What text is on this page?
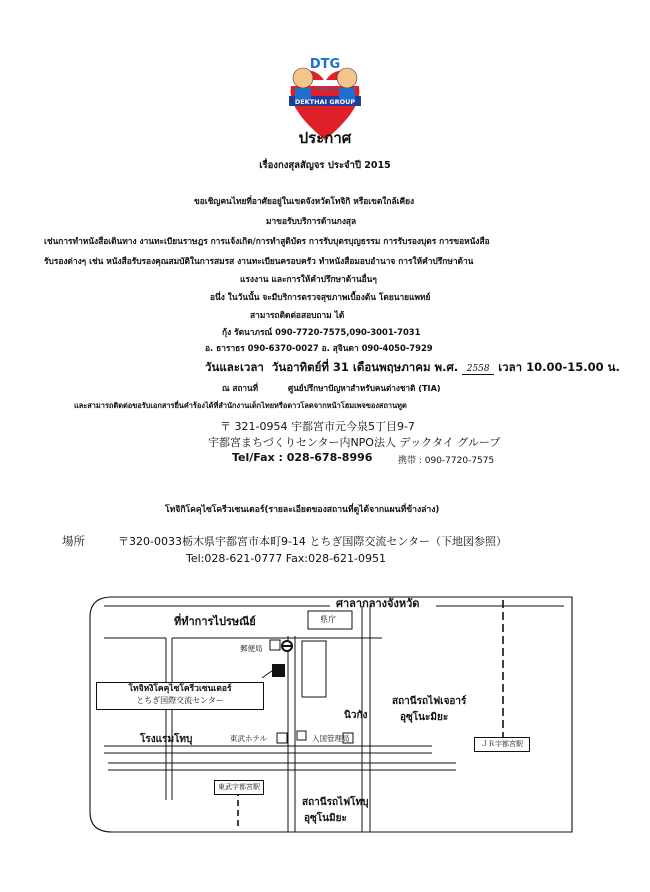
DTG
TOCHIGI
DEKTHAI GROUP
ประกาศ
เรื่องกงสุลสัญจร ประจำปี 2015
ขอเชิญคนไทยที่อาศัยอยู่ในเขตจังหวัดโทจิกิ หรือเขตใกล้เคียง
มาขอรับบริการด้านกงสุล
เช่นการทำหนังสือเดินทาง งานทะเบียนราษฎร การแจ้งเกิด/การทำสูติบัตร การรับบุตรบุญธรรม การรับรองบุตร การขอหนังสือ
รับรองต่างๆ เช่น หนังสือรับรองคุณสมบัติในการสมรส งานทะเบียนครอบครัว ทำหนังสือมอบอำนาจ การให้คำปรึกษาด้าน
แรงงาน และการให้คำปรึกษาด้านอื่นๆ
อนึ่ง ในวันนั้น จะมีบริการตรวจสุขภาพเบื้องต้น โดยนายแพทย์
สามารถติดต่อสอบถาม ได้
กุ้ง รัตนาภรณ์ 090-7720-7575,090-3001-7031
อ. ธาราธร 090-6370-0027 อ. สุจินดา 090-4050-7929
วันและเวลา วันอาทิตย์ที่ 31 เดือนพฤษภาคม พ.ศ. 2558 เวลา 10.00-15.00 น.
ณ สถานที่	ศูนย์ปรึกษาปัญหาสำหรับคนต่างชาติ (TIA)
และสามารถติดต่อขอรับเอกสารยื่นคำร้องได้ที่สำนักงานเด็กไทยหรือดาวโลดจากหน้าโฮมเพจของสถานทูต
〒 321-0954 宇都宮市元今泉5丁目9-7
宇都宮まちづくりセンター内NPO法人 デックタイ グループ
Tel/Fax : 028-678-8996	携帯 : 090-7720-7575
โทจิกิโคคุไซโครีวเซนเตอร์(รายละเอียดของสถานที่ดูได้จากแผนที่ข้างล่าง)
場所	〒320-0033栃木県宇都宮市本町9-14 とちぎ国際交流センター（下地図参照）
Tel:028-621-0777 Fax:028-621-0951
ศาลากลางจังหวัด
県庁
ที่ทำการไปรษณีย์
郵便局
โทจิหงิโคคุไซโครีวเซนเตอร์
とちぎ国際交流センター
นิวกัง
สถานีรถไฟเจอาร์
อุซุโนะมิยะ
โรงแรมโทบุ	東武ホテル	入国管理局
ＪＲ宇都宮駅
東武宇都宮駅
สถานีรถไฟโทบุ
อุซุโนมิยะ
